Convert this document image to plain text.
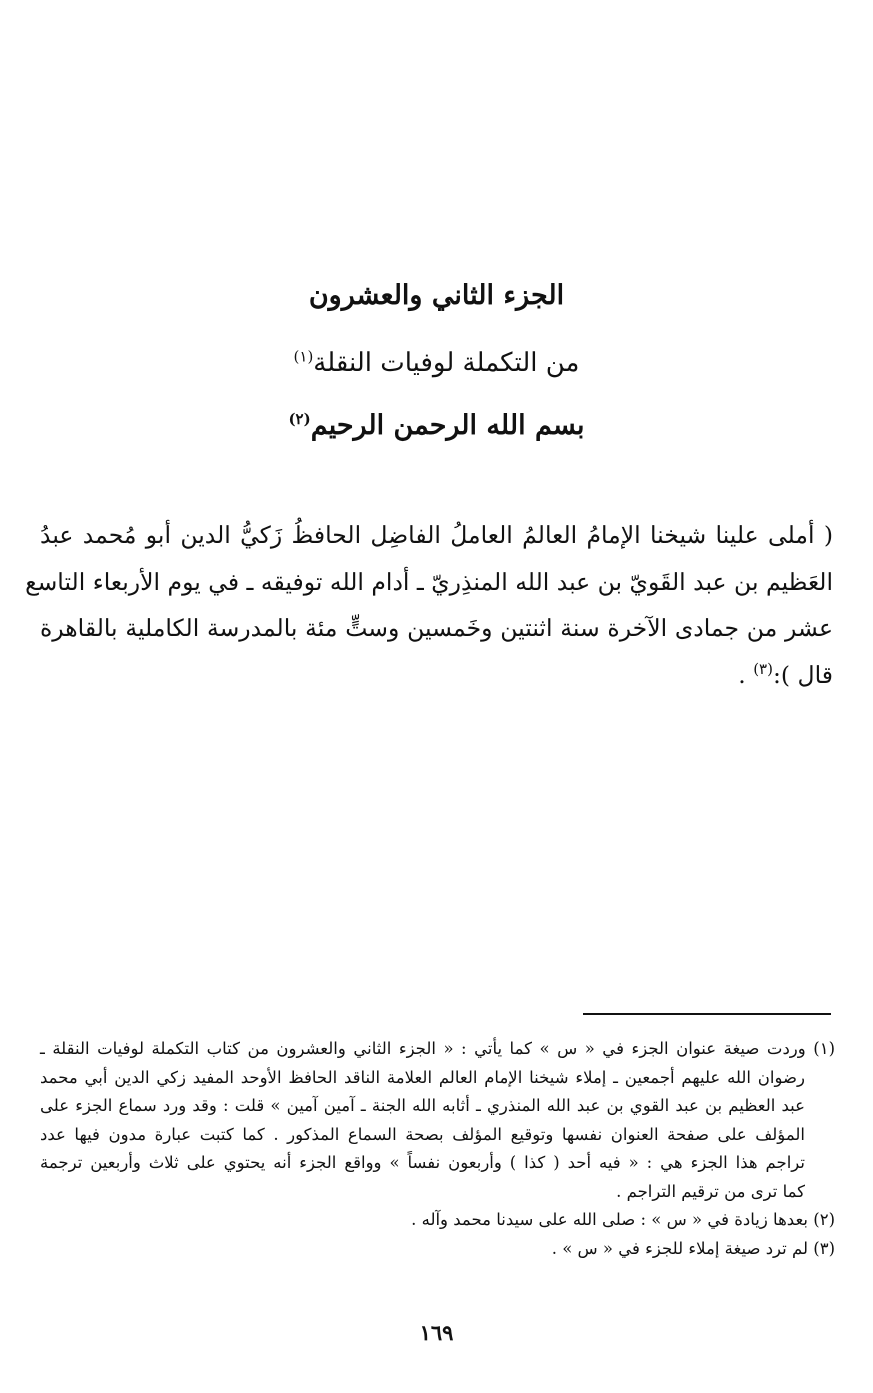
الجزء الثاني والعشرون
من التكملة لوفيات النقلة$^{(١)}$
بسم الله الرحمن الرحيم$^{(٢)}$
( أملى علينا شيخنا الإمامُ العالمُ العاملُ الفاضِل الحافظُ زَكيُّ الدين أبو مُحمد عبدُ
العَظيم بن عبد القَويّ بن عبد الله المنذِريّ ـ أدام الله توفيقه ـ في يوم الأربعاء التاسع
عشر من جمادى الآخرة سنة اثنتين وخَمسين وستٍّ مئة بالمدرسة الكاملية بالقاهرة
قال ):$^{(٣)}$ .
(١) وردت صيغة عنوان الجزء في « س » كما يأتي : « الجزء الثاني والعشرون من كتاب التكملة لوفيات النقلة ـ
رضوان الله عليهم أجمعين ـ إملاء شيخنا الإمام العالم العلامة الناقد الحافظ الأوحد المفيد زكي الدين أبي محمد
عبد العظيم بن عبد القوي بن عبد الله المنذري ـ أثابه الله الجنة ـ آمين آمين » قلت : وقد ورد سماع الجزء على
المؤلف على صفحة العنوان نفسها وتوقيع المؤلف بصحة السماع المذكور . كما كتبت عبارة مدون فيها عدد
تراجم هذا الجزء هي : « فيه أحد ( كذا ) وأربعون نفساً » وواقع الجزء أنه يحتوي على ثلاث وأربعين ترجمة
كما ترى من ترقيم التراجم .
(٢) بعدها زيادة في « س » : صلى الله على سيدنا محمد وآله .
(٣) لم ترد صيغة إملاء للجزء في « س » .
١٦٩
